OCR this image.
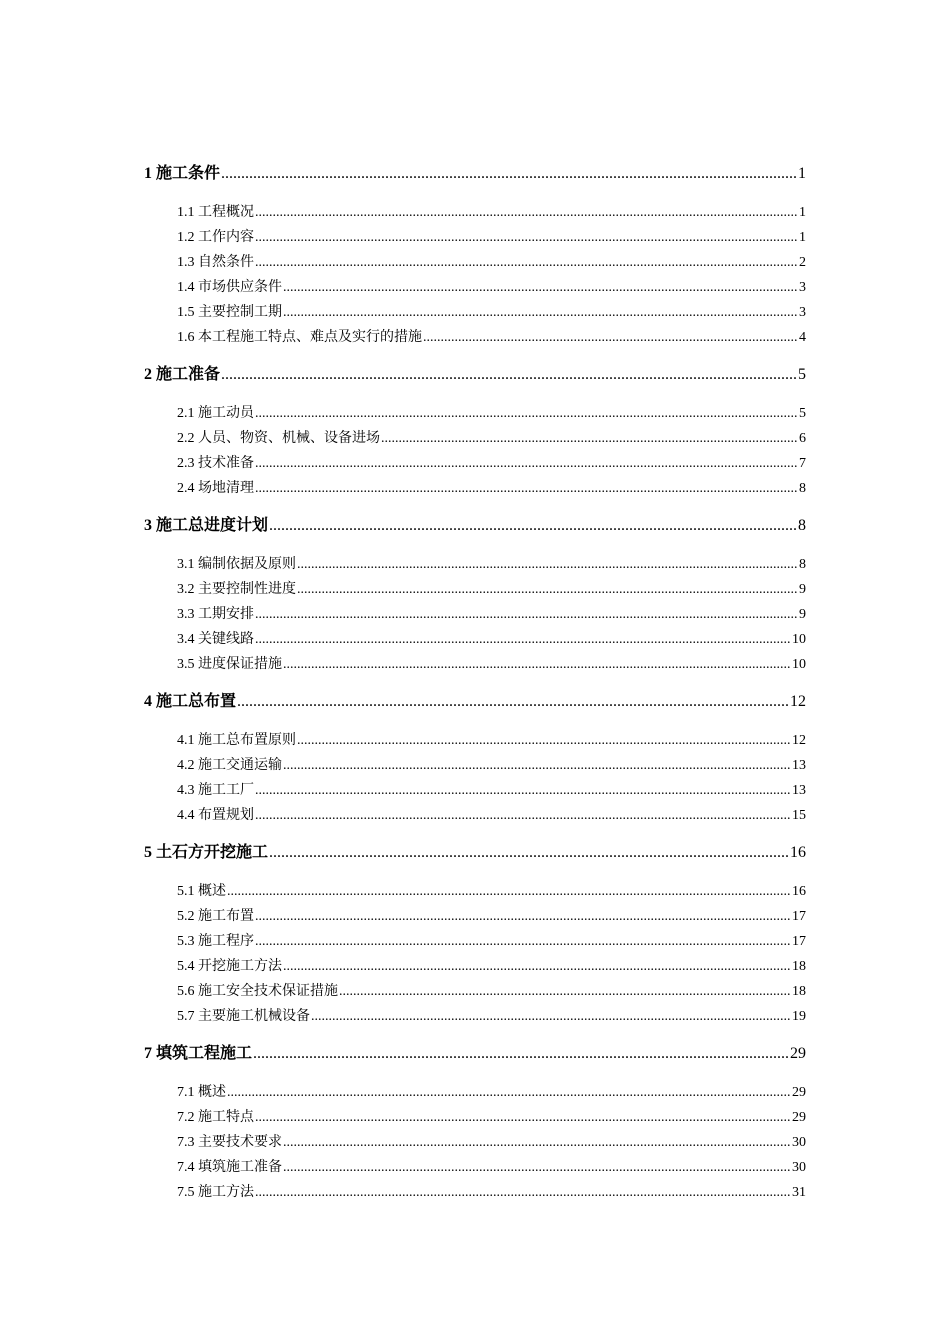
1 施工条件 .....	1
1.1 工程概况 .....	1
1.2 工作内容 .....	1
1.3 自然条件 .....	2
1.4 市场供应条件 .....	3
1.5 主要控制工期 .....	3
1.6 本工程施工特点、难点及实行的措施 .....	4
2 施工准备 .....	5
2.1 施工动员 .....	5
2.2 人员、物资、机械、设备进场 .....	6
2.3 技术准备 .....	7
2.4 场地清理 .....	8
3 施工总进度计划 .....	8
3.1 编制依据及原则 .....	8
3.2 主要控制性进度 .....	9
3.3 工期安排 .....	9
3.4 关键线路 .....	10
3.5 进度保证措施 .....	10
4 施工总布置 .....	12
4.1 施工总布置原则 .....	12
4.2 施工交通运输 .....	13
4.3 施工工厂 .....	13
4.4 布置规划 .....	15
5 土石方开挖施工 .....	16
5.1 概述 .....	16
5.2 施工布置 .....	17
5.3 施工程序 .....	17
5.4 开挖施工方法 .....	18
5.6 施工安全技术保证措施 .....	18
5.7 主要施工机械设备 .....	19
7 填筑工程施工 .....	29
7.1 概述 .....	29
7.2 施工特点 .....	29
7.3 主要技术要求 .....	30
7.4 填筑施工准备 .....	30
7.5 施工方法 .....	31
